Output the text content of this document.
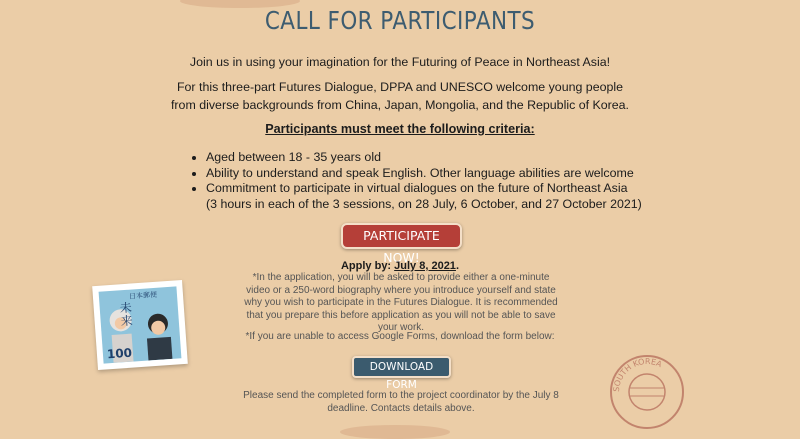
CALL FOR PARTICIPANTS
Join us in using your imagination for the Futuring of Peace in Northeast Asia!
For this three-part Futures Dialogue, DPPA and UNESCO welcome young people
from diverse backgrounds from China, Japan, Mongolia, and the Republic of Korea.
Participants must meet the following criteria:
• Aged between 18 - 35 years old
• Ability to understand and speak English. Other language abilities are welcome
• Commitment to participate in virtual dialogues on the future of Northeast Asia
(3 hours in each of the 3 sessions, on 28 July, 6 October, and 27 October 2021)
PARTICIPATE NOW!
Apply by: July 8, 2021.
*In the application, you will be asked to provide either a one-minute video or a 250-word biography where you introduce yourself and state why you wish to participate in the Futures Dialogue. It is recommended that you prepare this before application as you will not be able to save your work.
*If you are unable to access Google Forms, download the form below:
DOWNLOAD FORM
Please send the completed form to the project coordinator by the July 8 deadline. Contacts details above.
日本郵便
未来
100
SOUTH KOREA
